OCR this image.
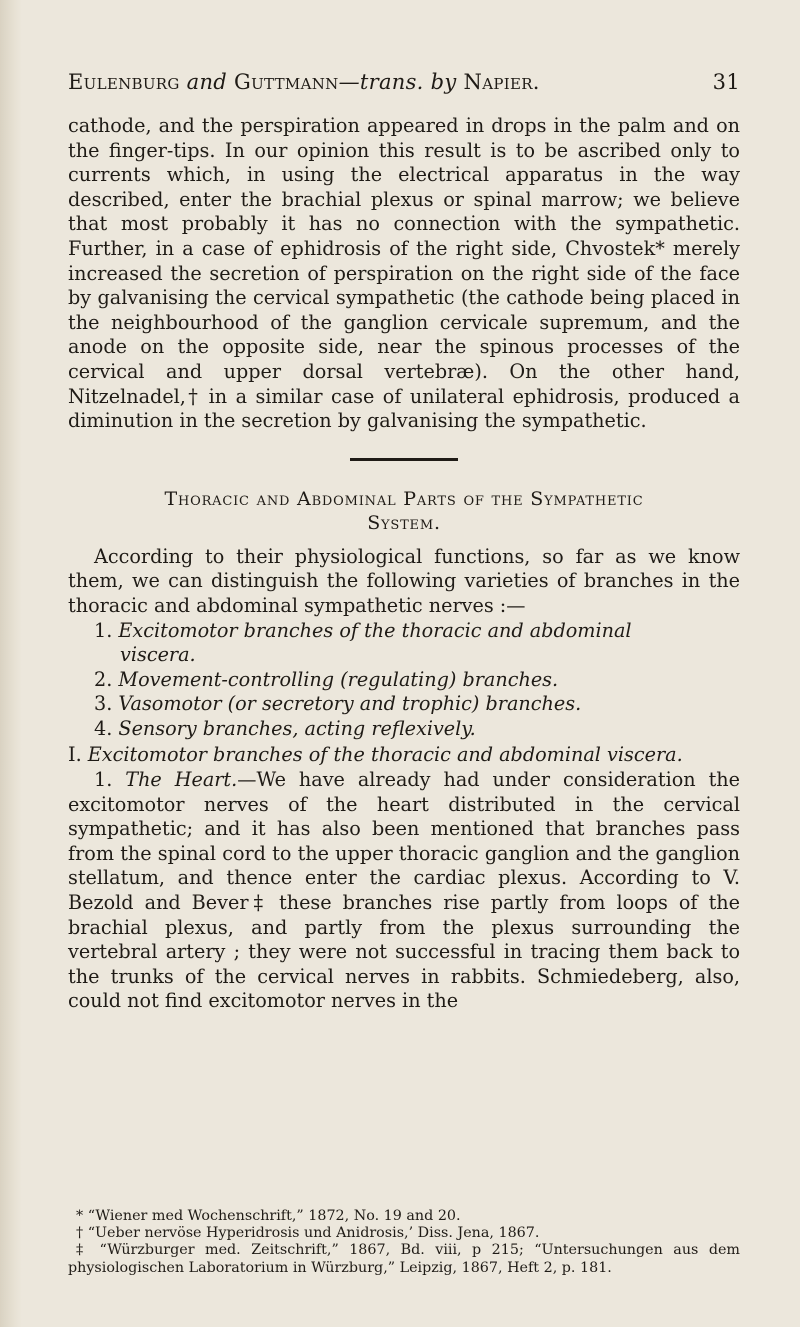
Eulenburg and Guttmann—trans. by Napier.	31

cathode, and the perspiration appeared in drops in the palm and on the finger-tips. In our opinion this result is to be ascribed only to currents which, in using the electrical apparatus in the way described, enter the brachial plexus or spinal marrow; we believe that most probably it has no connection with the sympathetic. Further, in a case of ephidrosis of the right side, Chvostek* merely increased the secretion of perspiration on the right side of the face by galvanising the cervical sympathetic (the cathode being placed in the neighbourhood of the ganglion cervicale supremum, and the anode on the opposite side, near the spinous processes of the cervical and upper dorsal vertebræ). On the other hand, Nitzelnadel,† in a similar case of unilateral ephidrosis, produced a diminution in the secretion by galvanising the sympathetic.

Thoracic and Abdominal Parts of the Sympathetic
System.

According to their physiological functions, so far as we know them, we can distinguish the following varieties of branches in the thoracic and abdominal sympathetic nerves :—

1. Excitomotor branches of the thoracic and abdominal
viscera.
2. Movement-controlling (regulating) branches.
3. Vasomotor (or secretory and trophic) branches.
4. Sensory branches, acting reflexively.

I. Excitomotor branches of the thoracic and abdominal viscera.

1. The Heart.—We have already had under consideration the excitomotor nerves of the heart distributed in the cervical sympathetic; and it has also been mentioned that branches pass from the spinal cord to the upper thoracic ganglion and the ganglion stellatum, and thence enter the cardiac plexus. According to V. Bezold and Bever‡ these branches rise partly from loops of the brachial plexus, and partly from the plexus surrounding the vertebral artery ; they were not successful in tracing them back to the trunks of the cervical nerves in rabbits. Schmiedeberg, also, could not find excitomotor nerves in the

* “Wiener med Wochenschrift,” 1872, No. 19 and 20.

† “Ueber nervöse Hyperidrosis und Anidrosis,’ Diss. Jena, 1867.

‡ “Würzburger med. Zeitschrift,” 1867, Bd. viii, p 215; “Untersuchungen aus dem physiologischen Laboratorium in Würzburg,” Leipzig, 1867, Heft 2, p. 181.
